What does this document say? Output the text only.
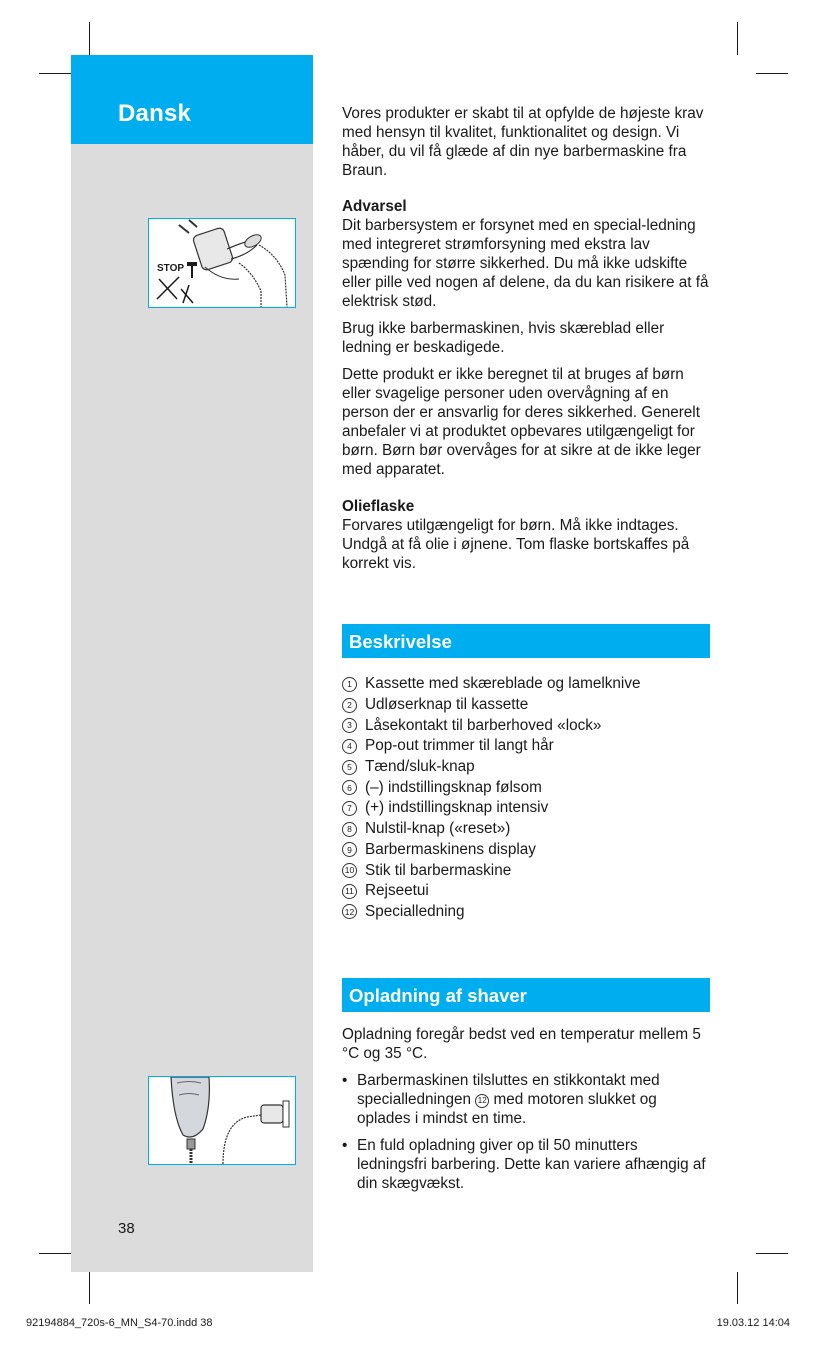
Dansk
STOP

Vores produkter er skabt til at opfylde de højeste krav med hensyn til kvalitet, funktionalitet og design. Vi håber, du vil få glæde af din nye barbermaskine fra Braun.

Advarsel

Dit barbersystem er forsynet med en special-ledning med integreret strømforsyning med ekstra lav spænding for større sikkerhed. Du må ikke udskifte eller pille ved nogen af delene, da du kan risikere at få elektrisk stød.

Brug ikke barbermaskinen, hvis skæreblad eller ledning er beskadigede.

Dette produkt er ikke beregnet til at bruges af børn eller svagelige personer uden overvågning af en person der er ansvarlig for deres sikkerhed. Generelt anbefaler vi at produktet opbevares utilgængeligt for børn. Børn bør overvåges for at sikre at de ikke leger med apparatet.

Olieflaske

Forvares utilgængeligt for børn. Må ikke indtages. Undgå at få olie i øjnene. Tom flaske bortskaffes på korrekt vis.

Beskrivelse
1 Kassette med skæreblade og lamelknive
2 Udløserknap til kassette
3 Låsekontakt til barberhoved «lock»
4 Pop-out trimmer til langt hår
5 Tænd/sluk-knap
6 (–) indstillingsknap følsom
7 (+) indstillingsknap intensiv
8 Nulstil-knap («reset»)
9 Barbermaskinens display
10 Stik til barbermaskine
11 Rejseetui
12 Specialledning
Opladning af shaver

Opladning foregår bedst ved en temperatur mellem 5 °C og 35 °C.

• Barbermaskinen tilsluttes en stikkontakt med specialledningen 12 med motoren slukket og oplades i mindst en time.

• En fuld opladning giver op til 50 minutters ledningsfri barbering. Dette kan variere afhængig af din skægvækst.

38
92194884_720s-6_MN_S4-70.indd 38	19.03.12 14:04
